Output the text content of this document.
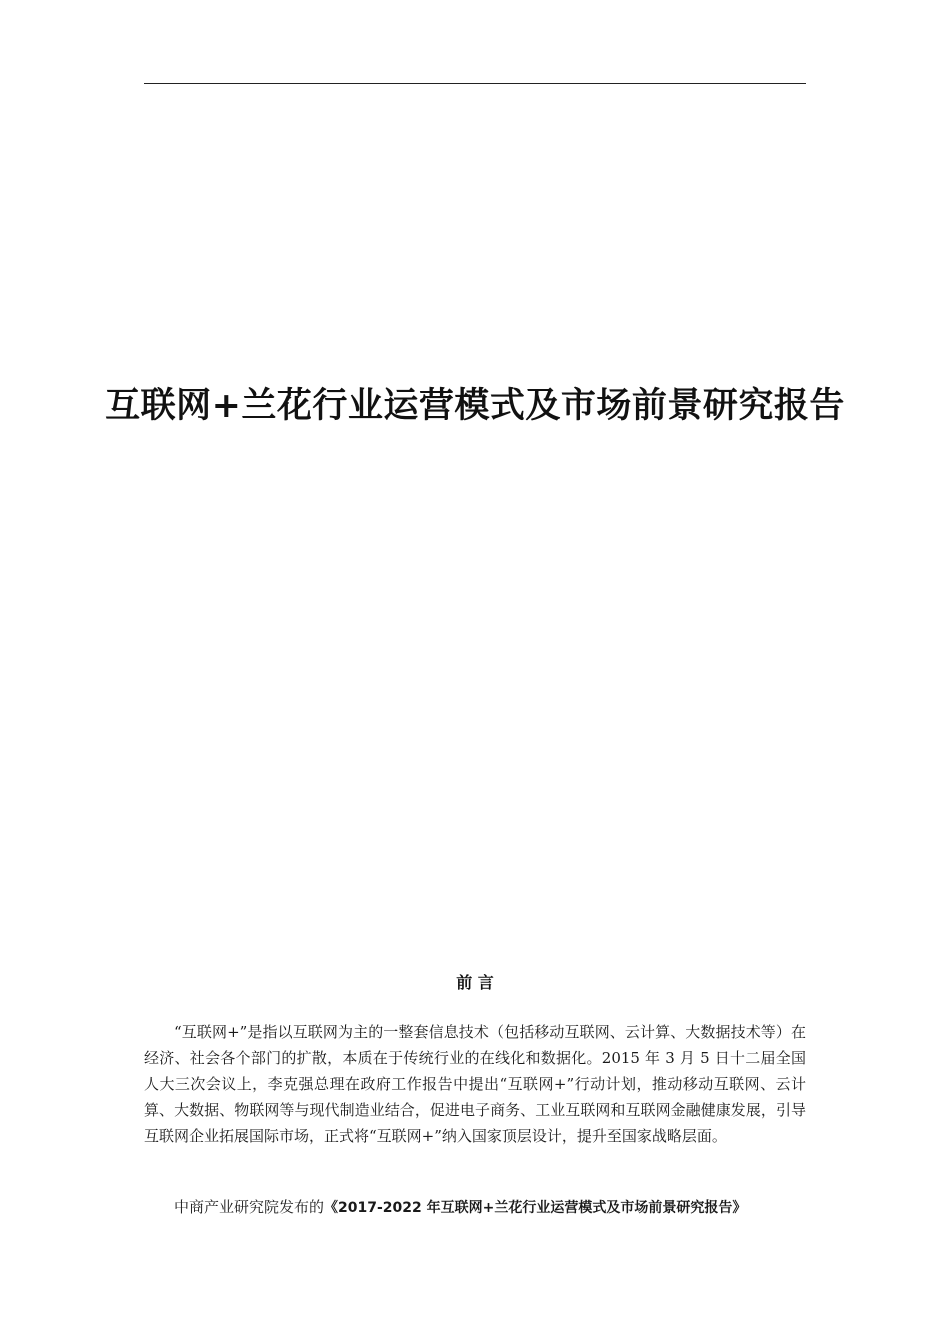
互联网+兰花行业运营模式及市场前景研究报告
前 言
“互联网+”是指以互联网为主的一整套信息技术（包括移动互联网、云计算、大数据技术等）在经济、社会各个部门的扩散，本质在于传统行业的在线化和数据化。2015 年 3 月 5 日十二届全国人大三次会议上，李克强总理在政府工作报告中提出“互联网+”行动计划，推动移动互联网、云计算、大数据、物联网等与现代制造业结合，促进电子商务、工业互联网和互联网金融健康发展，引导互联网企业拓展国际市场，正式将“互联网+”纳入国家顶层设计，提升至国家战略层面。
中商产业研究院发布的《2017-2022 年互联网+兰花行业运营模式及市场前景研究报告》
